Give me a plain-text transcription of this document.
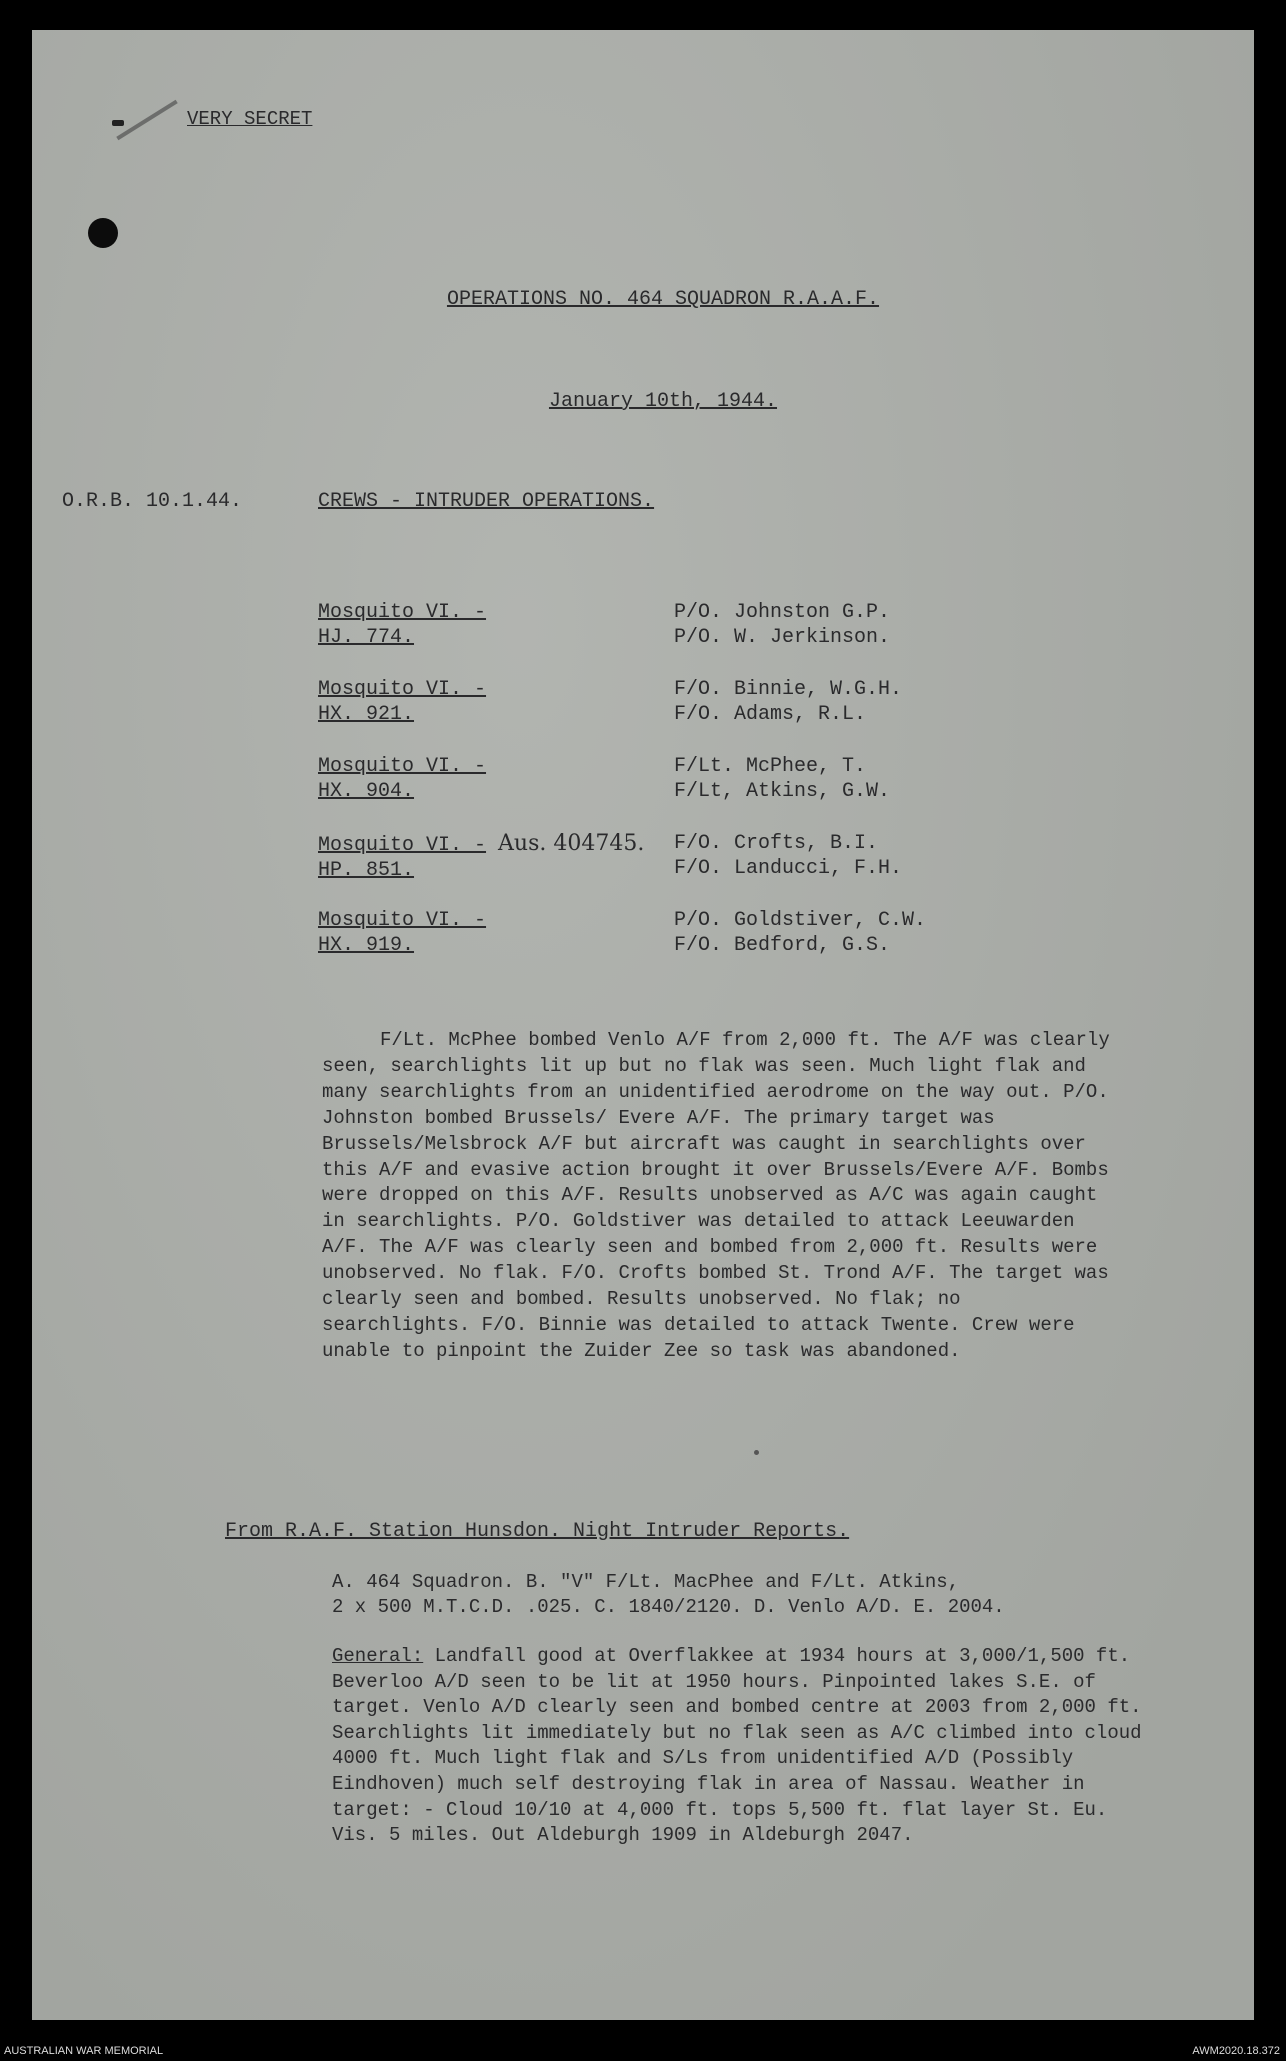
VERY SECRET
OPERATIONS NO. 464 SQUADRON R.A.A.F.
January 10th, 1944.
O.R.B. 10.1.44.	CREWS - INTRUDER OPERATIONS.
Mosquito VI. -
HJ. 774.
P/O. Johnston G.P.
P/O. W. Jerkinson.
Mosquito VI. -
HX. 921.
F/O. Binnie, W.G.H.
F/O. Adams, R.L.
Mosquito VI. -
HX. 904.
F/Lt. McPhee, T.
F/Lt, Atkins, G.W.
Mosquito VI. - Aus. 404745.
HP. 851.
F/O. Crofts, B.I.
F/O. Landucci, F.H.
Mosquito VI. -
HX. 919.
P/O. Goldstiver, C.W.
F/O. Bedford, G.S.

F/Lt. McPhee bombed Venlo A/F from 2,000 ft. The A/F was clearly seen, searchlights lit up but no flak was seen. Much light flak and many searchlights from an unidentified aerodrome on the way out. P/O. Johnston bombed Brussels/ Evere A/F. The primary target was Brussels/Melsbrock A/F but aircraft was caught in searchlights over this A/F and evasive action brought it over Brussels/Evere A/F. Bombs were dropped on this A/F. Results unobserved as A/C was again caught in searchlights. P/O. Goldstiver was detailed to attack Leeuwarden A/F. The A/F was clearly seen and bombed from 2,000 ft. Results were unobserved. No flak. F/O. Crofts bombed St. Trond A/F. The target was clearly seen and bombed. Results unobserved. No flak; no searchlights. F/O. Binnie was detailed to attack Twente. Crew were unable to pinpoint the Zuider Zee so task was abandoned.

From R.A.F. Station Hunsdon. Night Intruder Reports.
A. 464 Squadron. B. "V" F/Lt. MacPhee and F/Lt. Atkins,
2 x 500 M.T.C.D. .025. C. 1840/2120. D. Venlo A/D. E. 2004.
General: Landfall good at Overflakkee at 1934 hours at 3,000/1,500 ft. Beverloo A/D seen to be lit at 1950 hours. Pinpointed lakes S.E. of target. Venlo A/D clearly seen and bombed centre at 2003 from 2,000 ft. Searchlights lit immediately but no flak seen as A/C climbed into cloud 4000 ft. Much light flak and S/Ls from unidentified A/D (Possibly Eindhoven) much self destroying flak in area of Nassau. Weather in target: - Cloud 10/10 at 4,000 ft. tops 5,500 ft. flat layer St. Eu. Vis. 5 miles. Out Aldeburgh 1909 in Aldeburgh 2047.
AUSTRALIAN WAR MEMORIAL	AWM2020.18.372
